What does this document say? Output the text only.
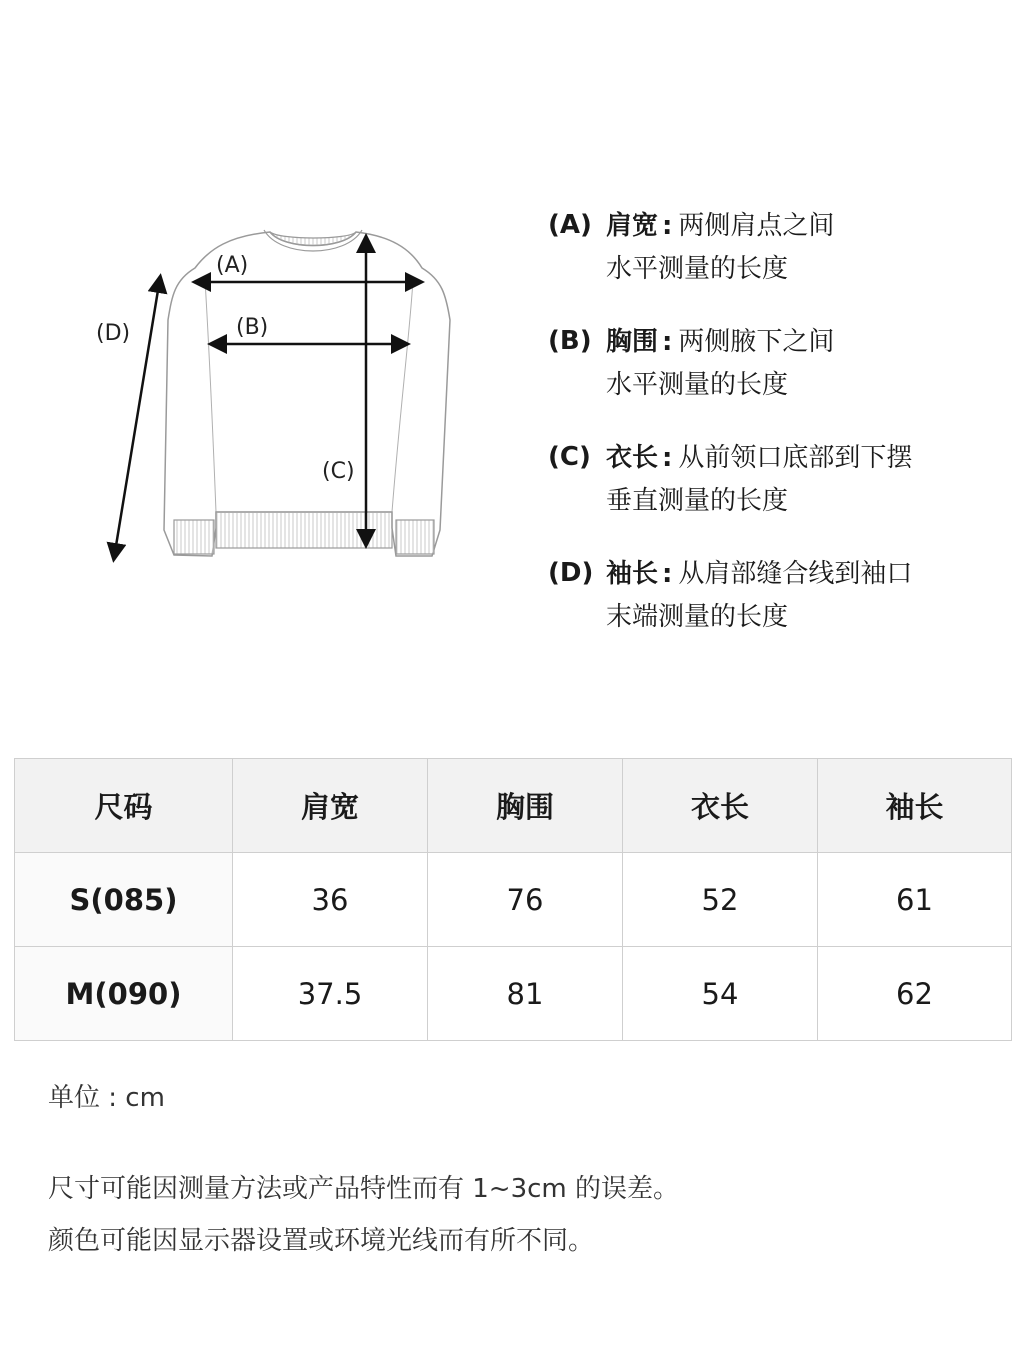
(A)
(B)
(C)
(D)
(A) 肩宽 : 两侧肩点之间
水平测量的长度
(B) 胸围 : 两侧腋下之间
水平测量的长度
(C) 衣长 : 从前领口底部到下摆
垂直测量的长度
(D) 袖长 : 从肩部缝合线到袖口
末端测量的长度
尺码	肩宽	胸围	衣长	袖长
S(085)	36	76	52	61
M(090)	37.5	81	54	62
单位 : cm
尺寸可能因测量方法或产品特性而有 1~3cm 的误差。
颜色可能因显示器设置或环境光线而有所不同。
